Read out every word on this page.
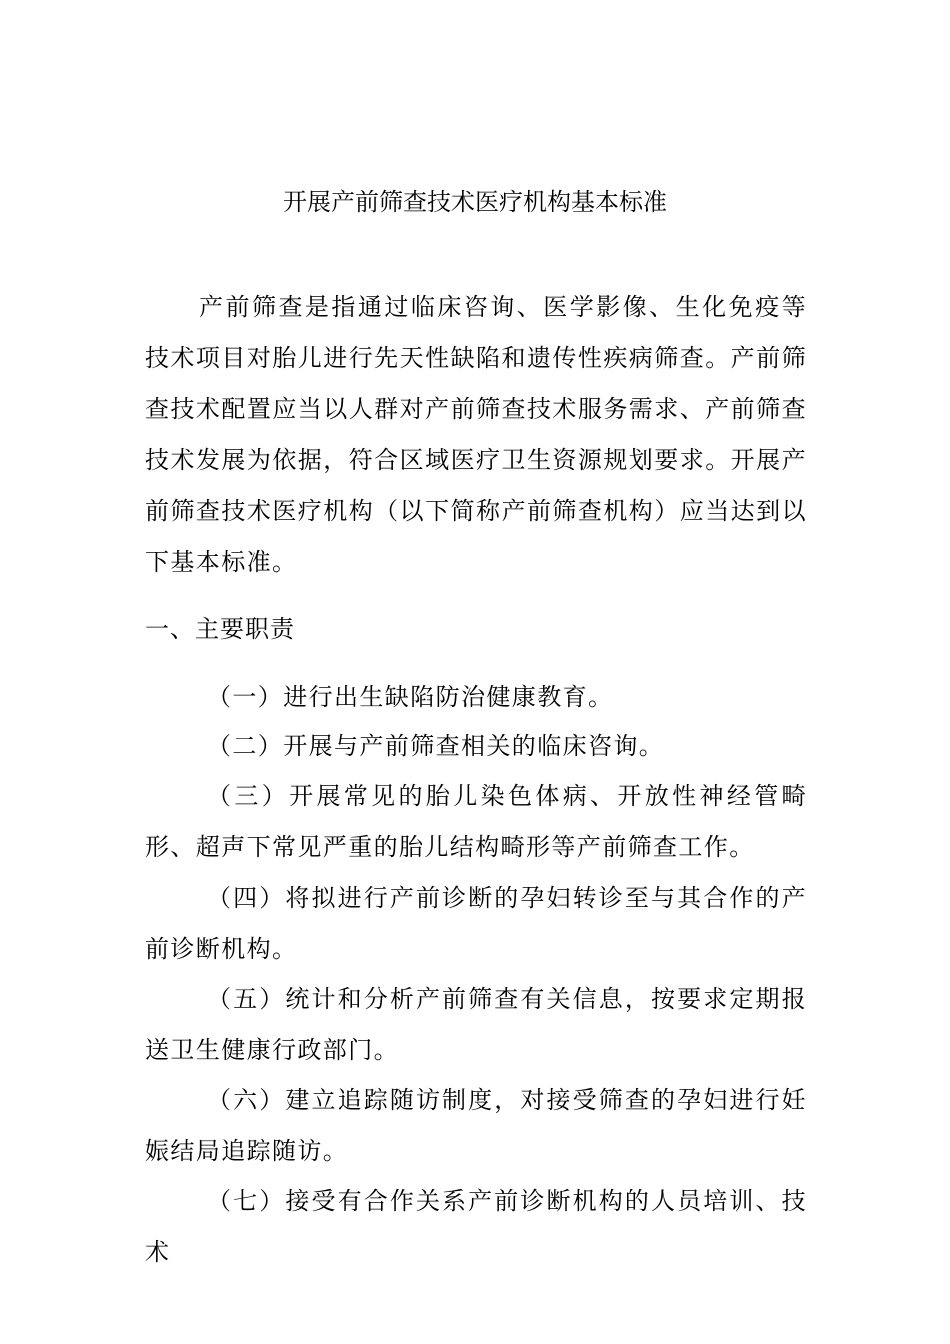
开展产前筛查技术医疗机构基本标准
产前筛查是指通过临床咨询、医学影像、生化免疫等技术项目对胎儿进行先天性缺陷和遗传性疾病筛查。产前筛查技术配置应当以人群对产前筛查技术服务需求、产前筛查技术发展为依据，符合区域医疗卫生资源规划要求。开展产前筛查技术医疗机构（以下简称产前筛查机构）应当达到以下基本标准。
一、主要职责
（一）进行出生缺陷防治健康教育。
（二）开展与产前筛查相关的临床咨询。
（三）开展常见的胎儿染色体病、开放性神经管畸形、超声下常见严重的胎儿结构畸形等产前筛查工作。
（四）将拟进行产前诊断的孕妇转诊至与其合作的产前诊断机构。
（五）统计和分析产前筛查有关信息，按要求定期报送卫生健康行政部门。
（六）建立追踪随访制度，对接受筛查的孕妇进行妊娠结局追踪随访。
（七）接受有合作关系产前诊断机构的人员培训、技术
